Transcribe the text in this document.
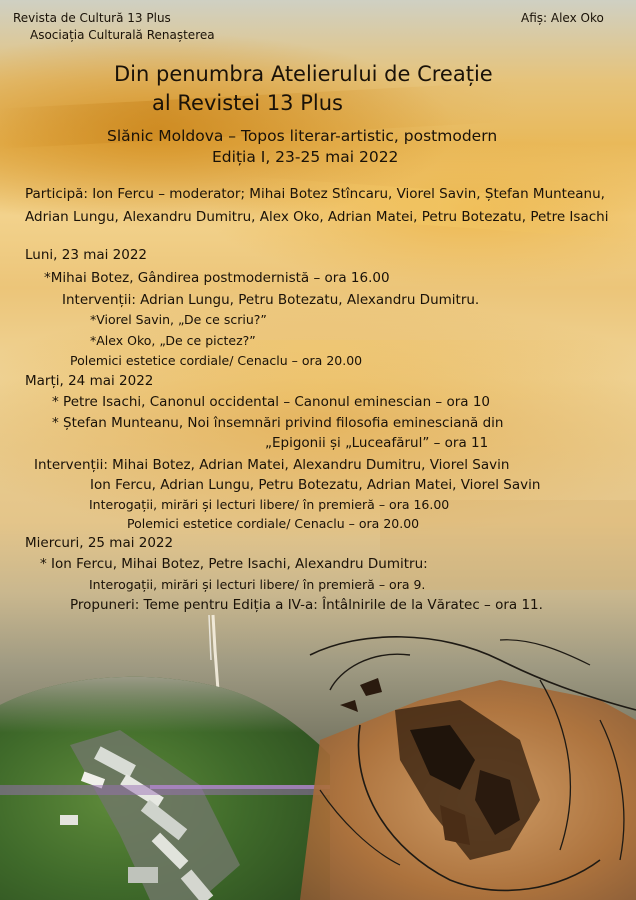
Revista de Cultură 13 Plus
Asociația Culturală Renașterea
Afiș: Alex Oko
Din penumbra Atelierului de Creație
al Revistei 13 Plus
Slănic Moldova – Topos literar-artistic, postmodern
Ediția I, 23-25 mai 2022
Participă: Ion Fercu – moderator; Mihai Botez Stîncaru, Viorel Savin, Ștefan Munteanu,
Adrian Lungu, Alexandru Dumitru, Alex Oko, Adrian Matei, Petru Botezatu, Petre Isachi
Luni, 23 mai 2022
*Mihai Botez, Gândirea postmodernistă – ora 16.00
Intervenții: Adrian Lungu, Petru Botezatu, Alexandru Dumitru.
*Viorel Savin, „De ce scriu?”
*Alex Oko, „De ce pictez?”
Polemici estetice cordiale/ Cenaclu – ora 20.00
Marți, 24 mai 2022
* Petre Isachi, Canonul occidental – Canonul eminescian – ora 10
* Ștefan Munteanu, Noi însemnări privind filosofia eminesciană din
„Epigonii și „Luceafărul” – ora 11
Intervenții: Mihai Botez, Adrian Matei, Alexandru Dumitru, Viorel Savin
Ion Fercu, Adrian Lungu, Petru Botezatu, Adrian Matei, Viorel Savin
Interogații, mirări și lecturi libere/ în premieră – ora 16.00
Polemici estetice cordiale/ Cenaclu – ora 20.00
Miercuri, 25 mai 2022
* Ion Fercu, Mihai Botez, Petre Isachi, Alexandru Dumitru:
Interogații, mirări și lecturi libere/ în premieră – ora 9.
Propuneri: Teme pentru Ediția a IV-a: Întâlnirile de la Văratec – ora 11.
